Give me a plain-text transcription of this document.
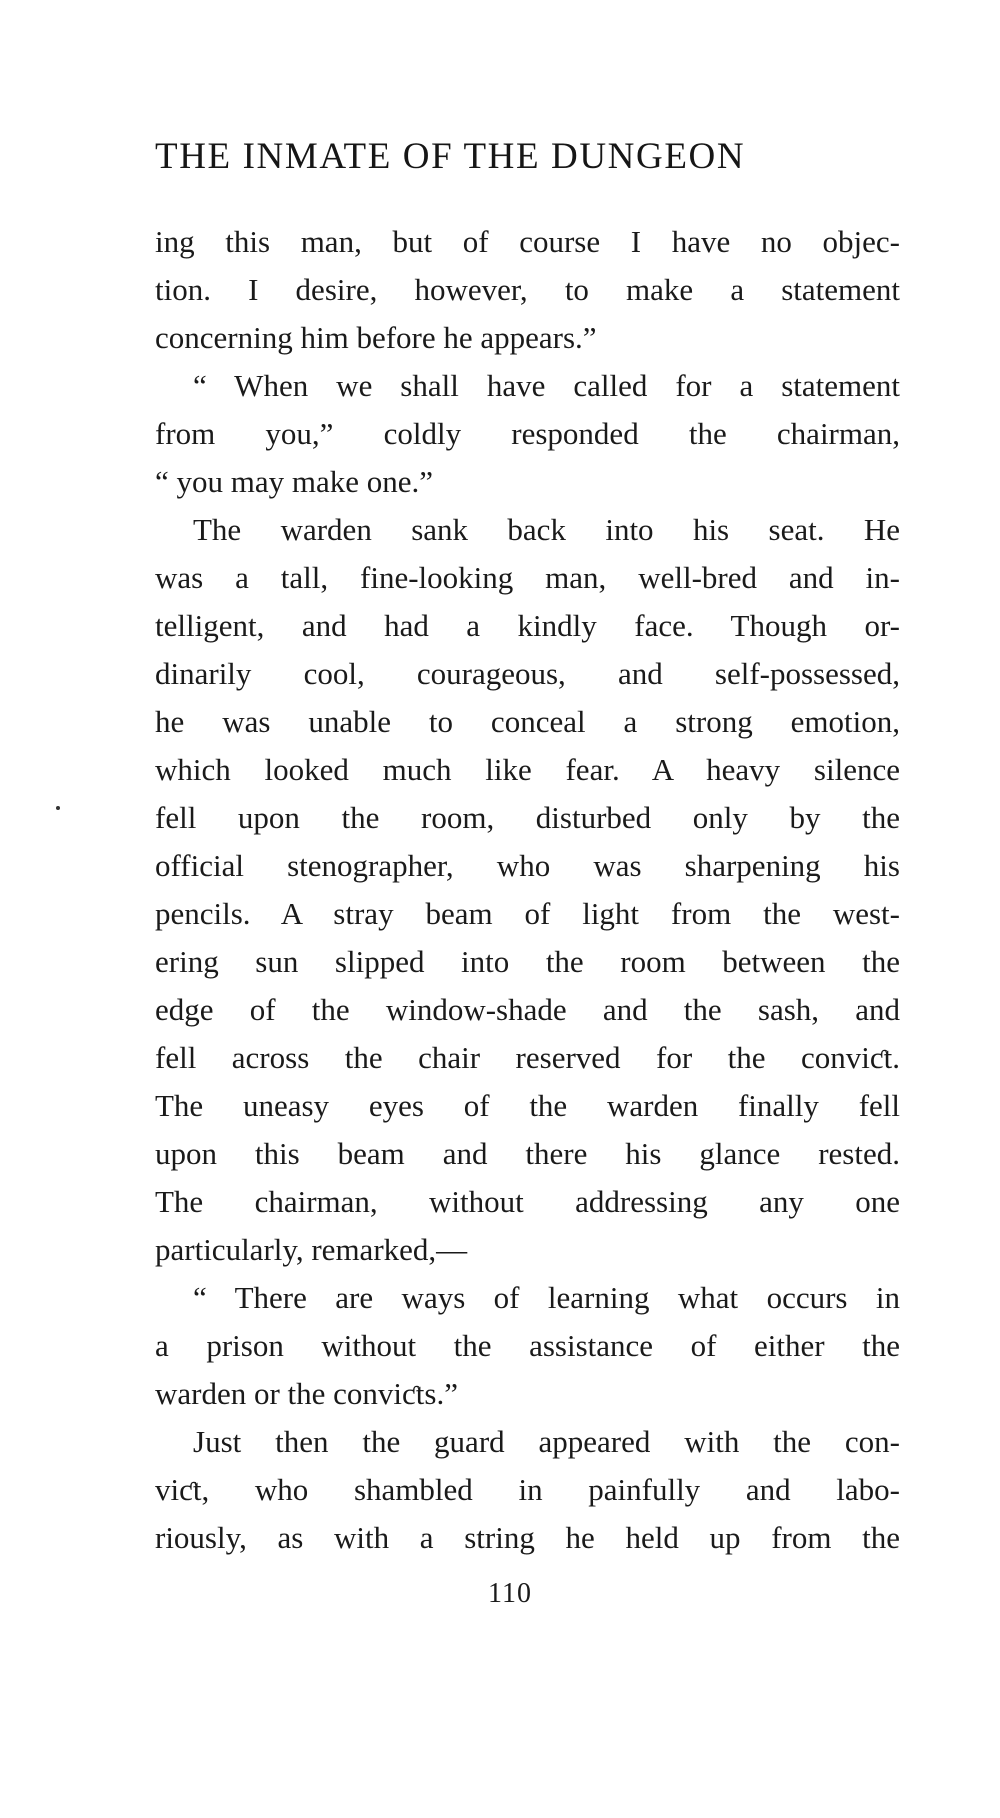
THE INMATE OF THE DUNGEON
ing this man, but of course I have no objec-
tion. I desire, however, to make a statement
concerning him before he appears.”
“ When we shall have called for a statement
from you,” coldly responded the chairman,
“ you may make one.”
The warden sank back into his seat. He
was a tall, fine-looking man, well-bred and in-
telligent, and had a kindly face. Though or-
dinarily cool, courageous, and self-possessed,
he was unable to conceal a strong emotion,
which looked much like fear. A heavy silence
fell upon the room, disturbed only by the
official stenographer, who was sharpening his
pencils. A stray beam of light from the west-
ering sun slipped into the room between the
edge of the window-shade and the sash, and
fell across the chair reserved for the conviƈt.
The uneasy eyes of the warden finally fell
upon this beam and there his glance rested.
The chairman, without addressing any one
particularly, remarked,—
“ There are ways of learning what occurs in
a prison without the assistance of either the
warden or the conviƈts.”
Just then the guard appeared with the con-
viƈt, who shambled in painfully and labo-
riously, as with a string he held up from the
110
